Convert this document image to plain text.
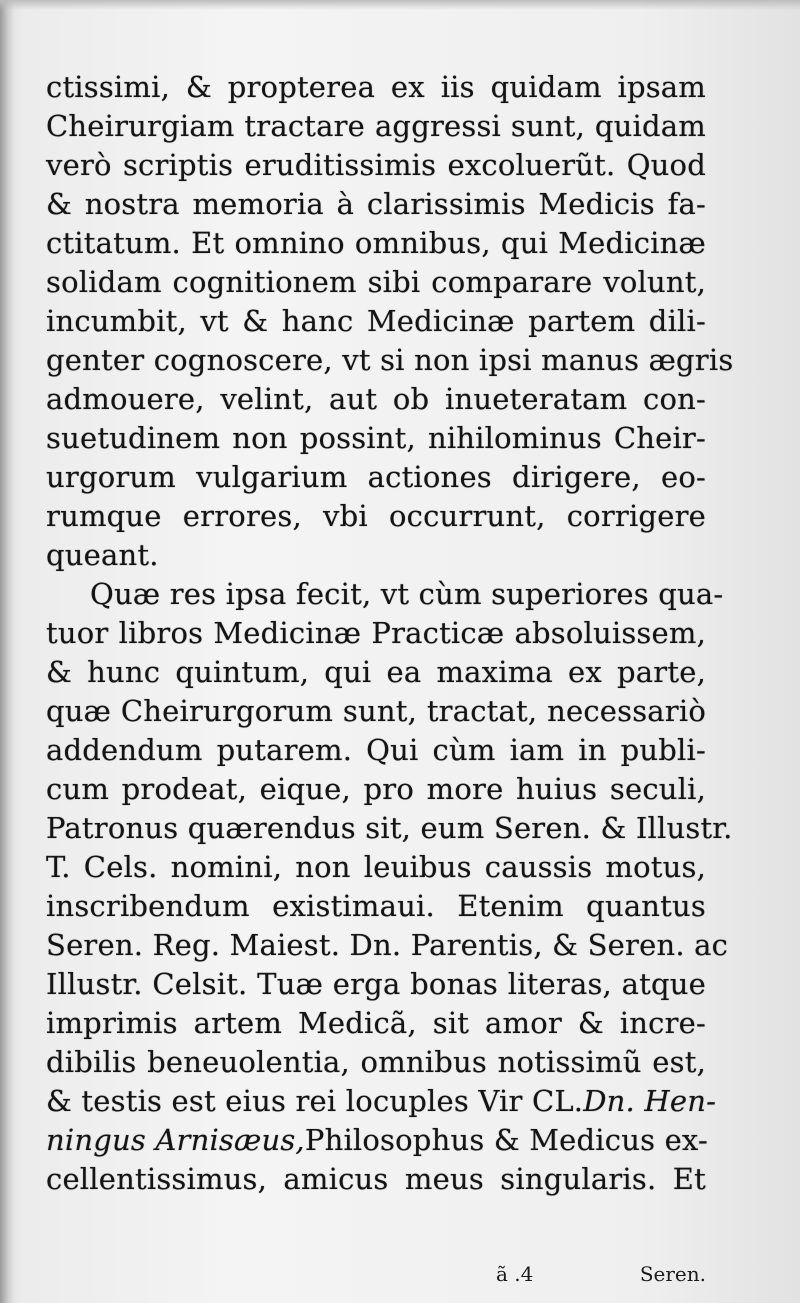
ctissimi, & propterea ex iis quidam ipsam
Cheirurgiam tractare aggressi sunt, quidam
verò scriptis eruditissimis excoluerũt. Quod
& nostra memoria à clarissimis Medicis fa-
ctitatum. Et omnino omnibus, qui Medicinæ
solidam cognitionem sibi comparare volunt,
incumbit, vt & hanc Medicinæ partem dili-
genter cognoscere, vt si non ipsi manus ægris
admouere, velint, aut ob inueteratam con-
suetudinem non possint, nihilominus Cheir-
urgorum vulgarium actiones dirigere, eo-
rumque errores, vbi occurrunt, corrigere
queant.
Quæ res ipsa fecit, vt cùm superiores qua-
tuor libros Medicinæ Practicæ absoluissem,
& hunc quintum, qui ea maxima ex parte,
quæ Cheirurgorum sunt, tractat, necessariò
addendum putarem. Qui cùm iam in publi-
cum prodeat, eique, pro more huius seculi,
Patronus quærendus sit, eum Seren. & Illustr.
T. Cels. nomini, non leuibus caussis motus,
inscribendum existimaui. Etenim quantus
Seren. Reg. Maiest. Dn. Parentis, & Seren. ac
Illustr. Celsit. Tuæ erga bonas literas, atque
imprimis artem Medicã, sit amor & incre-
dibilis beneuolentia, omnibus notissimũ est,
& testis est eius rei locuples Vir CL.Dn. Hen-
ningus Arnisæus,Philosophus & Medicus ex-
cellentissimus, amicus meus singularis. Et
ã .4	Seren.
